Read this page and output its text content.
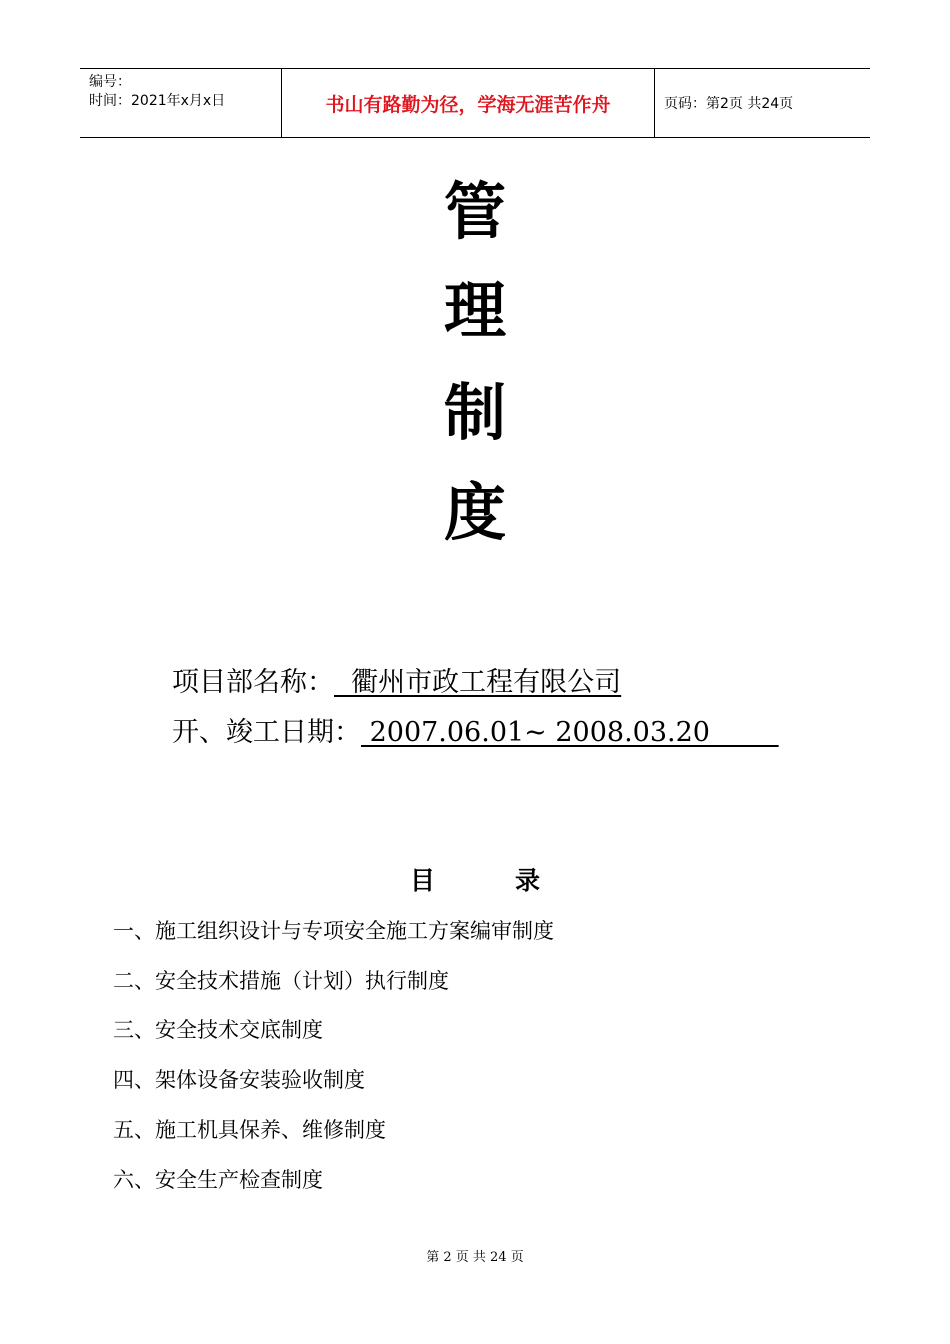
编号：
时间：2021年x月x日	书山有路勤为径，学海无涯苦作舟	页码：第2页 共24页
管
理
制
度
项目部名称：  衢州市政工程有限公司
开、竣工日期： 2007.06.01~ 2008.03.20
目	录
一、施工组织设计与专项安全施工方案编审制度
二、安全技术措施（计划）执行制度
三、安全技术交底制度
四、架体设备安装验收制度
五、施工机具保养、维修制度
六、安全生产检查制度
第 2 页 共 24 页
